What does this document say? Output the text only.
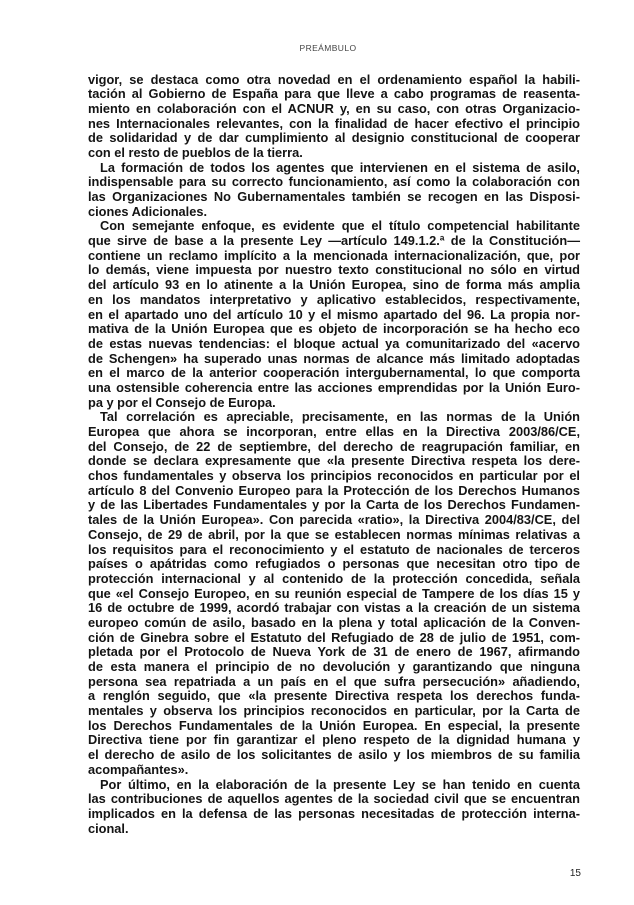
PREÁMBULO
vigor, se destaca como otra novedad en el ordenamiento español la habili-
tación al Gobierno de España para que lleve a cabo programas de reasenta-
miento en colaboración con el ACNUR y, en su caso, con otras Organizacio-
nes Internacionales relevantes, con la finalidad de hacer efectivo el principio
de solidaridad y de dar cumplimiento al designio constitucional de cooperar
con el resto de pueblos de la tierra.
La formación de todos los agentes que intervienen en el sistema de asilo,
indispensable para su correcto funcionamiento, así como la colaboración con
las Organizaciones No Gubernamentales también se recogen en las Disposi-
ciones Adicionales.
Con semejante enfoque, es evidente que el título competencial habilitante
que sirve de base a la presente Ley —artículo 149.1.2.ª de la Constitución—
contiene un reclamo implícito a la mencionada internacionalización, que, por
lo demás, viene impuesta por nuestro texto constitucional no sólo en virtud
del artículo 93 en lo atinente a la Unión Europea, sino de forma más amplia
en los mandatos interpretativo y aplicativo establecidos, respectivamente,
en el apartado uno del artículo 10 y el mismo apartado del 96. La propia nor-
mativa de la Unión Europea que es objeto de incorporación se ha hecho eco
de estas nuevas tendencias: el bloque actual ya comunitarizado del «acervo
de Schengen» ha superado unas normas de alcance más limitado adoptadas
en el marco de la anterior cooperación intergubernamental, lo que comporta
una ostensible coherencia entre las acciones emprendidas por la Unión Euro-
pa y por el Consejo de Europa.
Tal correlación es apreciable, precisamente, en las normas de la Unión
Europea que ahora se incorporan, entre ellas en la Directiva 2003/86/CE,
del Consejo, de 22 de septiembre, del derecho de reagrupación familiar, en
donde se declara expresamente que «la presente Directiva respeta los dere-
chos fundamentales y observa los principios reconocidos en particular por el
artículo 8 del Convenio Europeo para la Protección de los Derechos Humanos
y de las Libertades Fundamentales y por la Carta de los Derechos Fundamen-
tales de la Unión Europea». Con parecida «ratio», la Directiva 2004/83/CE, del
Consejo, de 29 de abril, por la que se establecen normas mínimas relativas a
los requisitos para el reconocimiento y el estatuto de nacionales de terceros
países o apátridas como refugiados o personas que necesitan otro tipo de
protección internacional y al contenido de la protección concedida, señala
que «el Consejo Europeo, en su reunión especial de Tampere de los días 15 y
16 de octubre de 1999, acordó trabajar con vistas a la creación de un sistema
europeo común de asilo, basado en la plena y total aplicación de la Conven-
ción de Ginebra sobre el Estatuto del Refugiado de 28 de julio de 1951, com-
pletada por el Protocolo de Nueva York de 31 de enero de 1967, afirmando
de esta manera el principio de no devolución y garantizando que ninguna
persona sea repatriada a un país en el que sufra persecución» añadiendo,
a renglón seguido, que «la presente Directiva respeta los derechos funda-
mentales y observa los principios reconocidos en particular, por la Carta de
los Derechos Fundamentales de la Unión Europea. En especial, la presente
Directiva tiene por fin garantizar el pleno respeto de la dignidad humana y
el derecho de asilo de los solicitantes de asilo y los miembros de su familia
acompañantes».
Por último, en la elaboración de la presente Ley se han tenido en cuenta
las contribuciones de aquellos agentes de la sociedad civil que se encuentran
implicados en la defensa de las personas necesitadas de protección interna-
cional.
15
